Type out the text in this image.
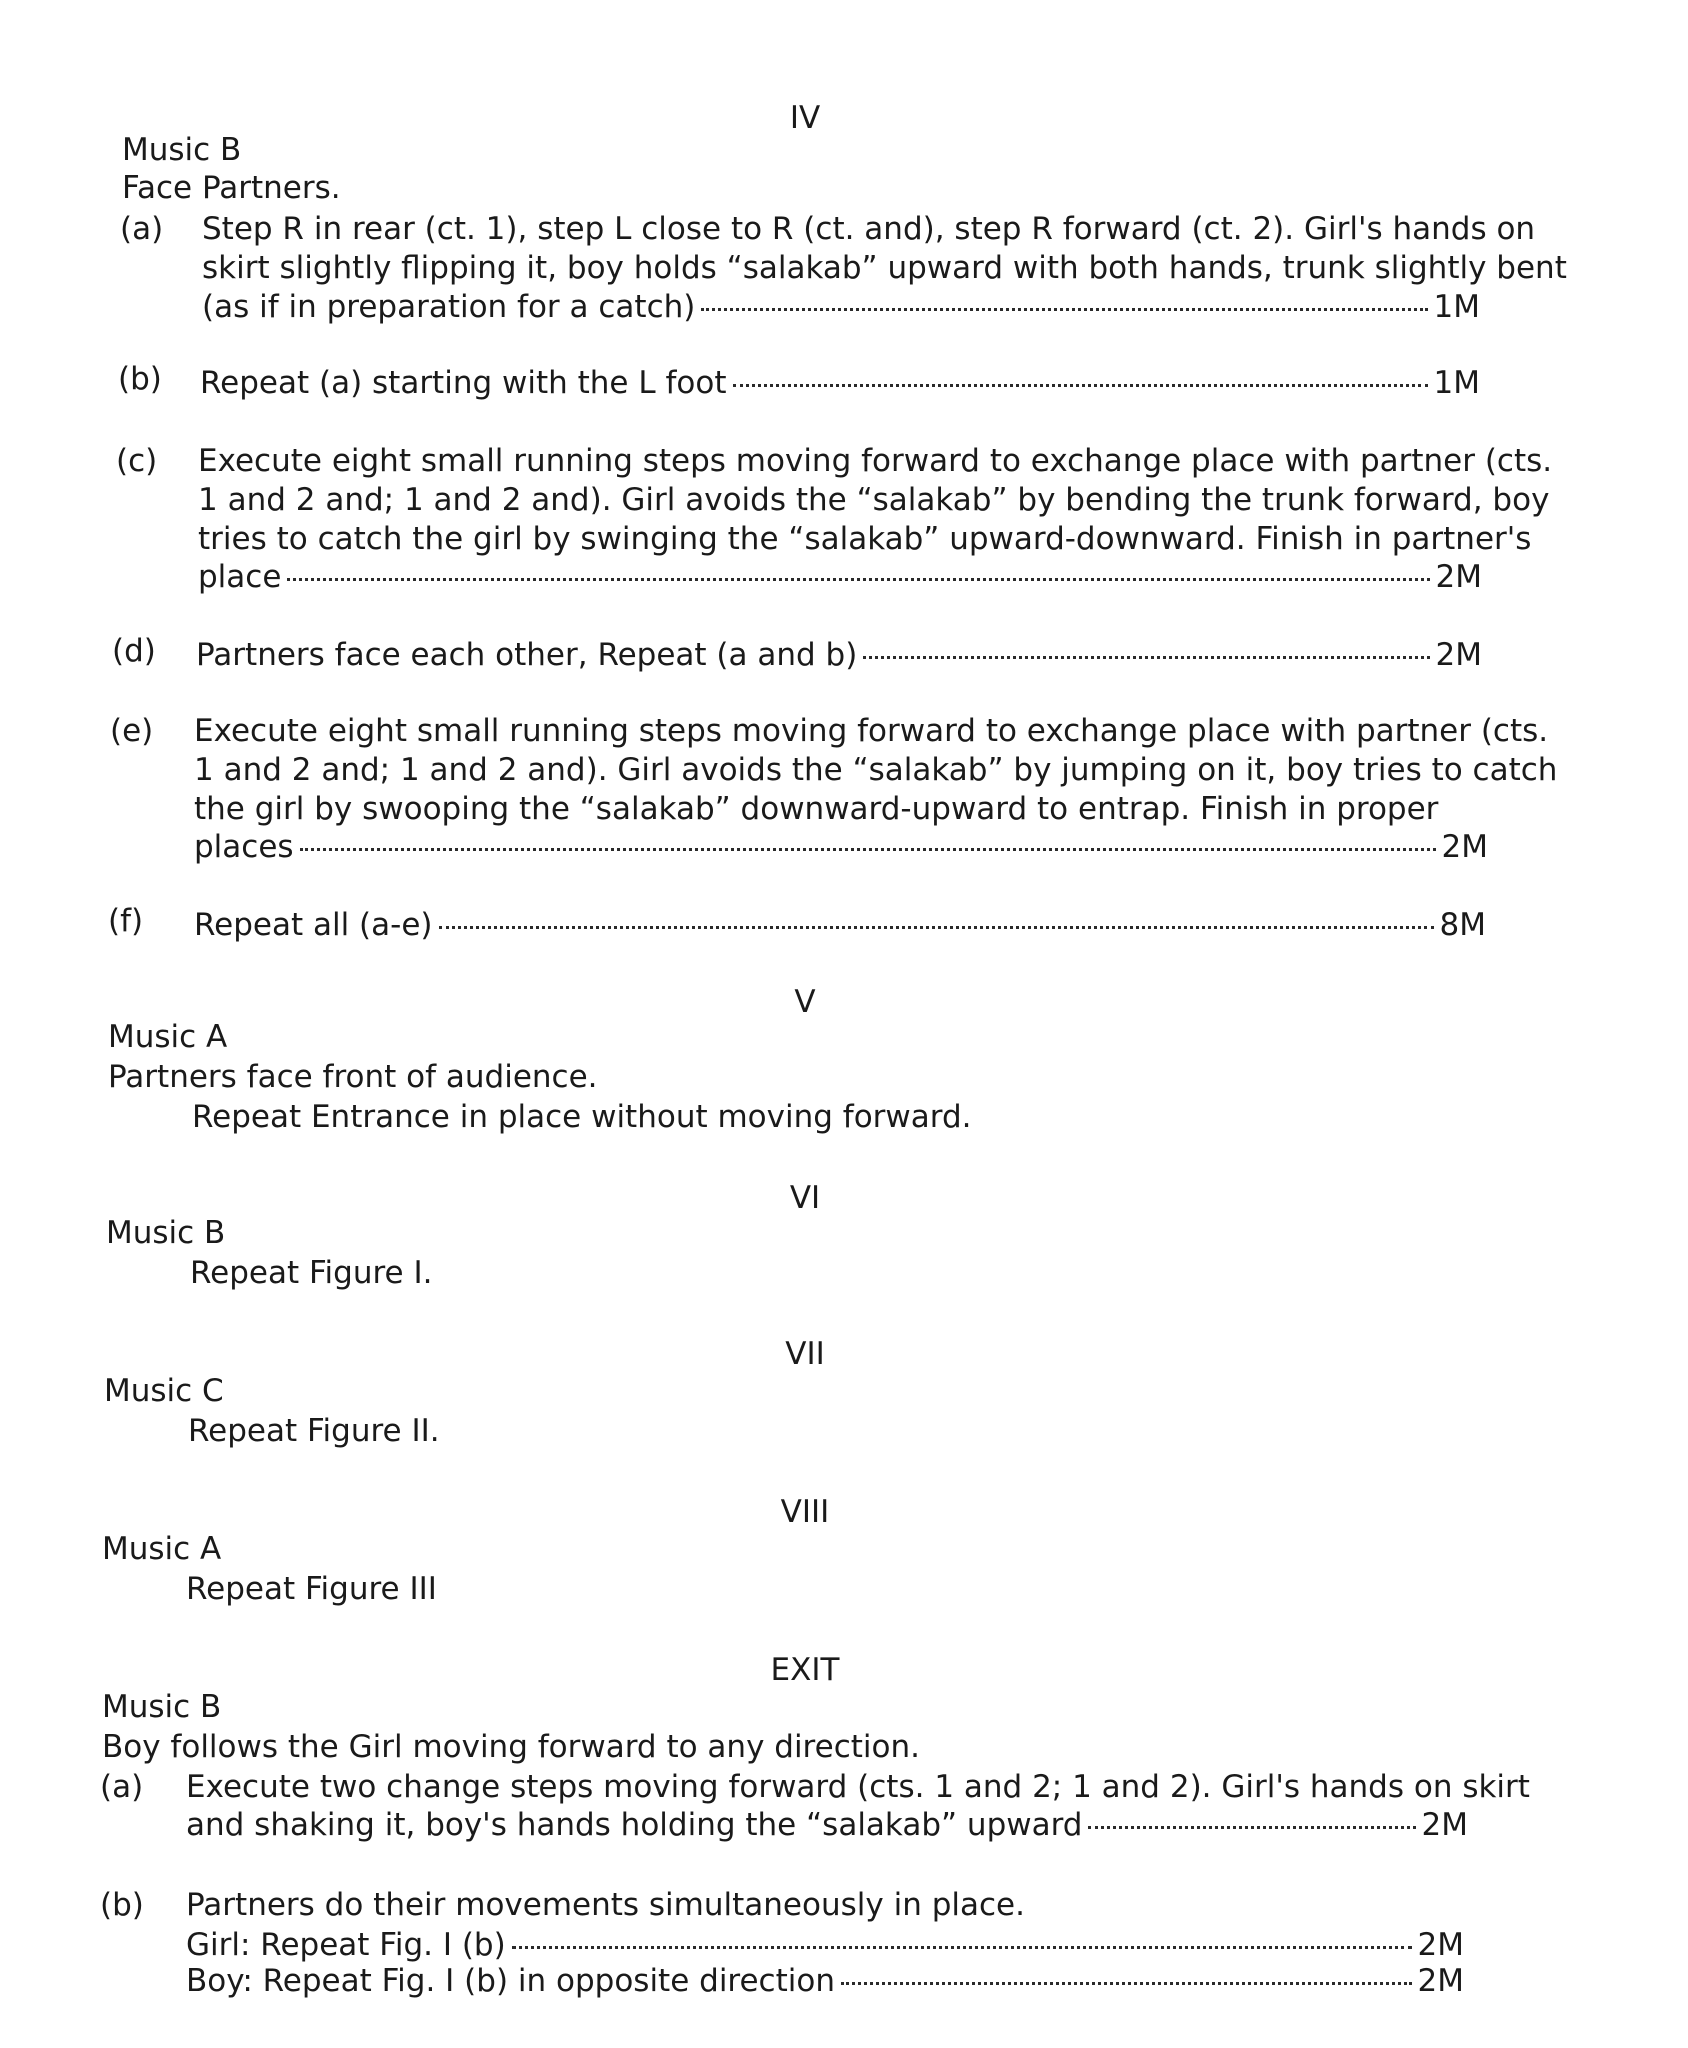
IV
Music B
Face Partners.
(a) Step R in rear (ct. 1), step L close to R (ct. and), step R forward (ct. 2). Girl's hands on

skirt slightly flipping it, boy holds “salakab” upward with both hands, trunk slightly bent

(as if in preparation for a catch)	1M
(b) Repeat (a) starting with the L foot	1M
(c) Execute eight small running steps moving forward to exchange place with partner (cts.

1 and 2 and; 1 and 2 and). Girl avoids the “salakab” by bending the trunk forward, boy

tries to catch the girl by swinging the “salakab” upward-downward. Finish in partner's

place	2M
(d) Partners face each other, Repeat (a and b)	2M
(e) Execute eight small running steps moving forward to exchange place with partner (cts.

1 and 2 and; 1 and 2 and). Girl avoids the “salakab” by jumping on it, boy tries to catch

the girl by swooping the “salakab” downward-upward to entrap. Finish in proper

places	2M
(f) Repeat all (a-e)	8M
V
Music A
Partners face front of audience.
Repeat Entrance in place without moving forward.
VI
Music B
Repeat Figure I.
VII
Music C
Repeat Figure II.
VIII
Music A
Repeat Figure III
EXIT
Music B
Boy follows the Girl moving forward to any direction.
(a) Execute two change steps moving forward (cts. 1 and 2; 1 and 2). Girl's hands on skirt
and shaking it, boy's hands holding the “salakab” upward	2M
(b) Partners do their movements simultaneously in place.
Girl: Repeat Fig. I (b)	2M
Boy: Repeat Fig. I (b) in opposite direction	2M
